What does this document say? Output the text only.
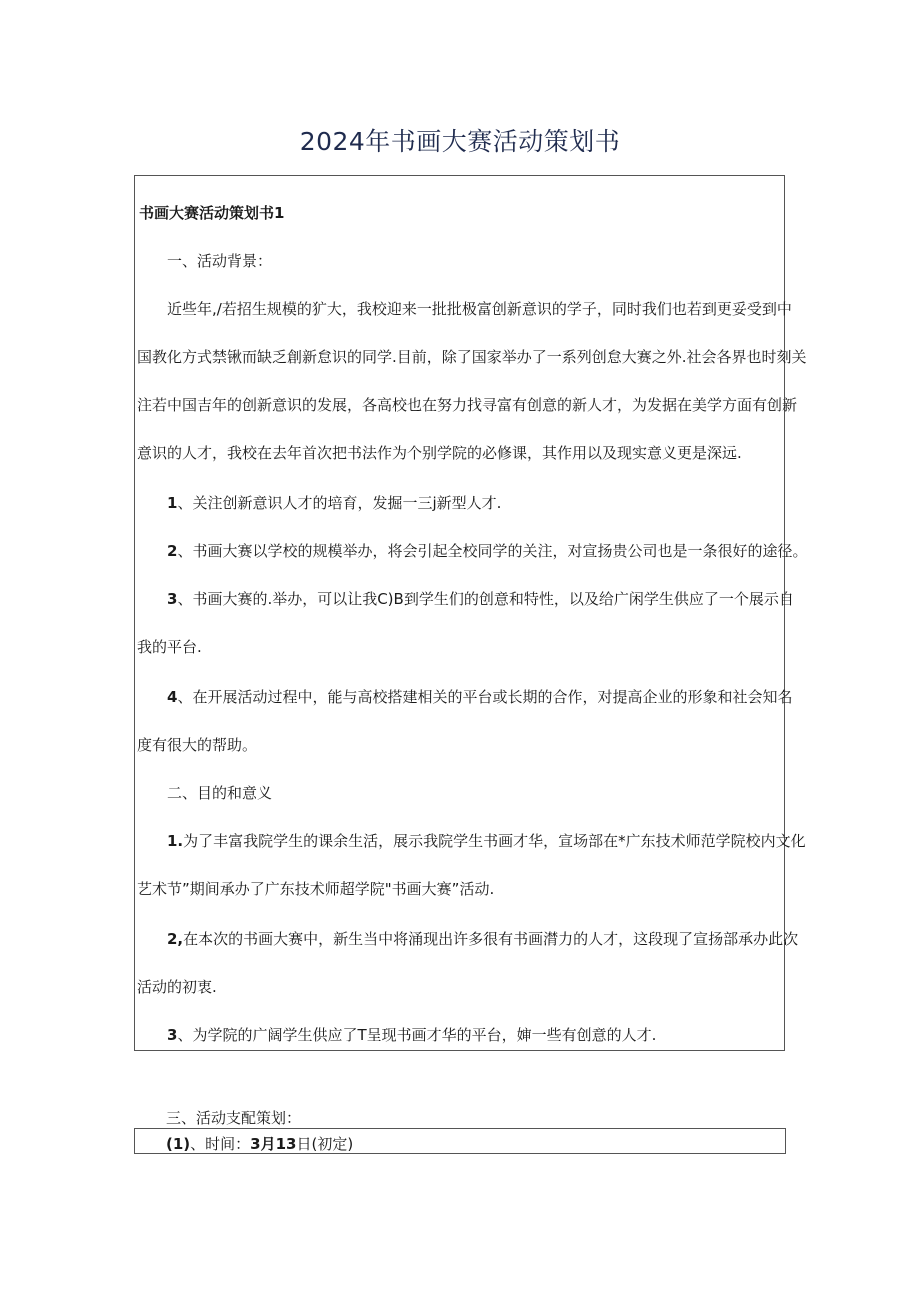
2024年书画大赛活动策划书
书画大赛活动策划书1
一、活动背景：
近些年,/若招生规模的犷大，我校迎来一批批极富创新意识的学子，同时我们也若到更妥受到中
国教化方式禁锹而缺乏創新怠识的同学.目前，除了国家举办了一系列创怠大赛之外.社会各界也时刻关
注若中国吉年的创新意识的发展，各高校也在努力找寻富有创意的新人才，为发据在美学方面有创新
意识的人才，我校在去年首次把书法作为个别学院的必修课，其作用以及现实意义更是深远.
1、关注创新意识人才的培育，发掘一三j新型人才.
2、书画大赛以学校的规模举办，将会引起全校同学的关注，对宣扬贵公司也是一条很好的途径。
3、书画大赛的.举办，可以让我C)B到学生们的创意和特性，以及给广闲学生供应了一个展示自
我的平台.
4、在开展活动过程中，能与高校搭建相关的平台或长期的合作，对提高企业的形象和社会知名
度有很大的帮助。
二、目的和意义
1.为了丰富我院学生的课余生活，展示我院学生书画才华，宣场部在*广东技术师范学院校内文化
艺术节”期间承办了广东技术师超学院"书画大赛”活动.
2,在本次的书画大赛中，新生当中将涌现出许多很有书画潸力的人才，这段现了宣扬部承办此次
活动的初衷.
3、为学院的广阔学生供应了T呈现书画才华的平台，婶一些有创意的人才.
三、活动支配策划：
(1)、时间：3月13日(初定)
